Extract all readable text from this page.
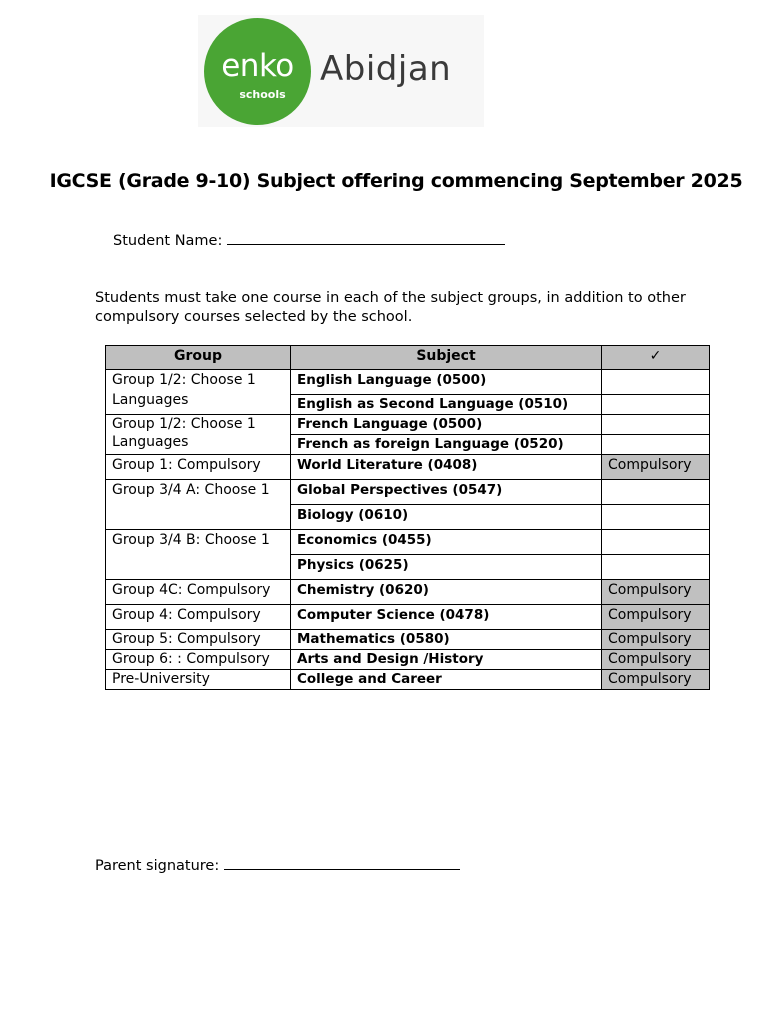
enko
schools
Abidjan
IGCSE (Grade 9-10) Subject offering commencing September 2025
Student Name:
Students must take one course in each of the subject groups, in addition to other compulsory courses selected by the school.
Group	Subject	✓
Group 1/2: Choose 1 Languages	English Language (0500)	
	English as Second Language (0510)	
Group 1/2: Choose 1 Languages	French Language (0500)	
	French as foreign Language (0520)	
Group 1: Compulsory	World Literature (0408)	Compulsory
Group 3/4 A: Choose 1	Global Perspectives (0547)	
	Biology (0610)	
Group 3/4 B: Choose 1	Economics (0455)	
	Physics (0625)	
Group 4C: Compulsory	Chemistry (0620)	Compulsory
Group 4: Compulsory	Computer Science (0478)	Compulsory
Group 5: Compulsory	Mathematics (0580)	Compulsory
Group 6: : Compulsory	Arts and Design /History	Compulsory
Pre-University	College and Career	Compulsory
Parent signature:
